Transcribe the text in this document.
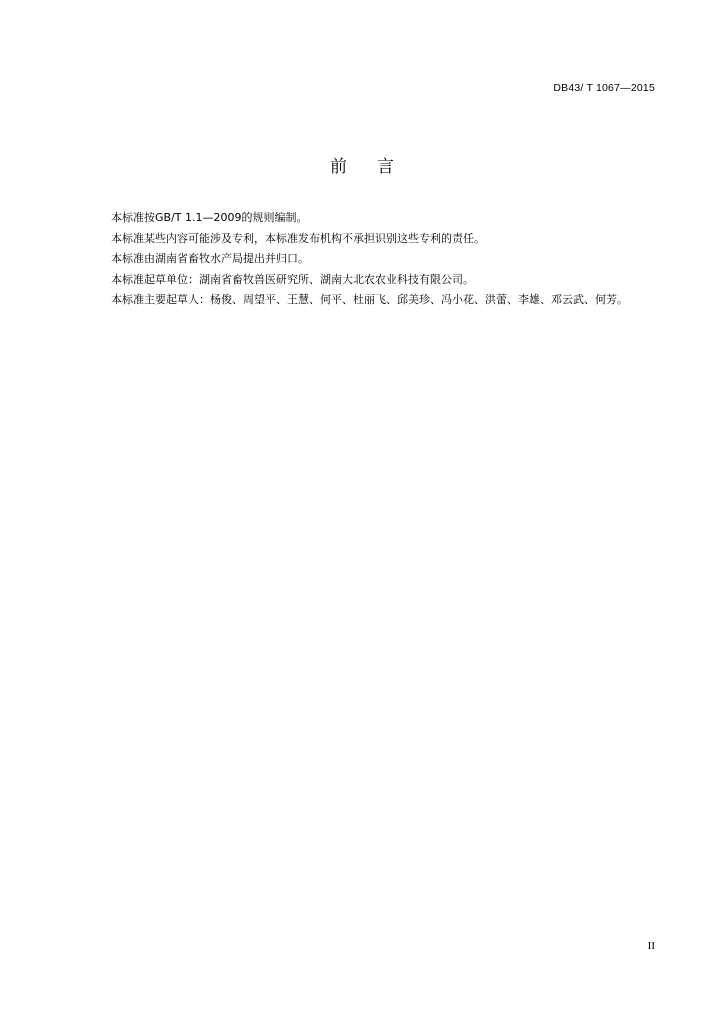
DB43/ T 1067—2015
前言

本标准按GB/T 1.1—2009的规则编制。

本标准某些内容可能涉及专利，本标准发布机构不承担识别这些专利的责任。

本标准由湖南省畜牧水产局提出并归口。

本标准起草单位：湖南省畜牧兽医研究所、湖南大北农农业科技有限公司。

本标准主要起草人：杨俊、周望平、王慧、何平、杜丽飞、邱美珍、冯小花、洪蕾、李雄、邓云武、何芳。

II
